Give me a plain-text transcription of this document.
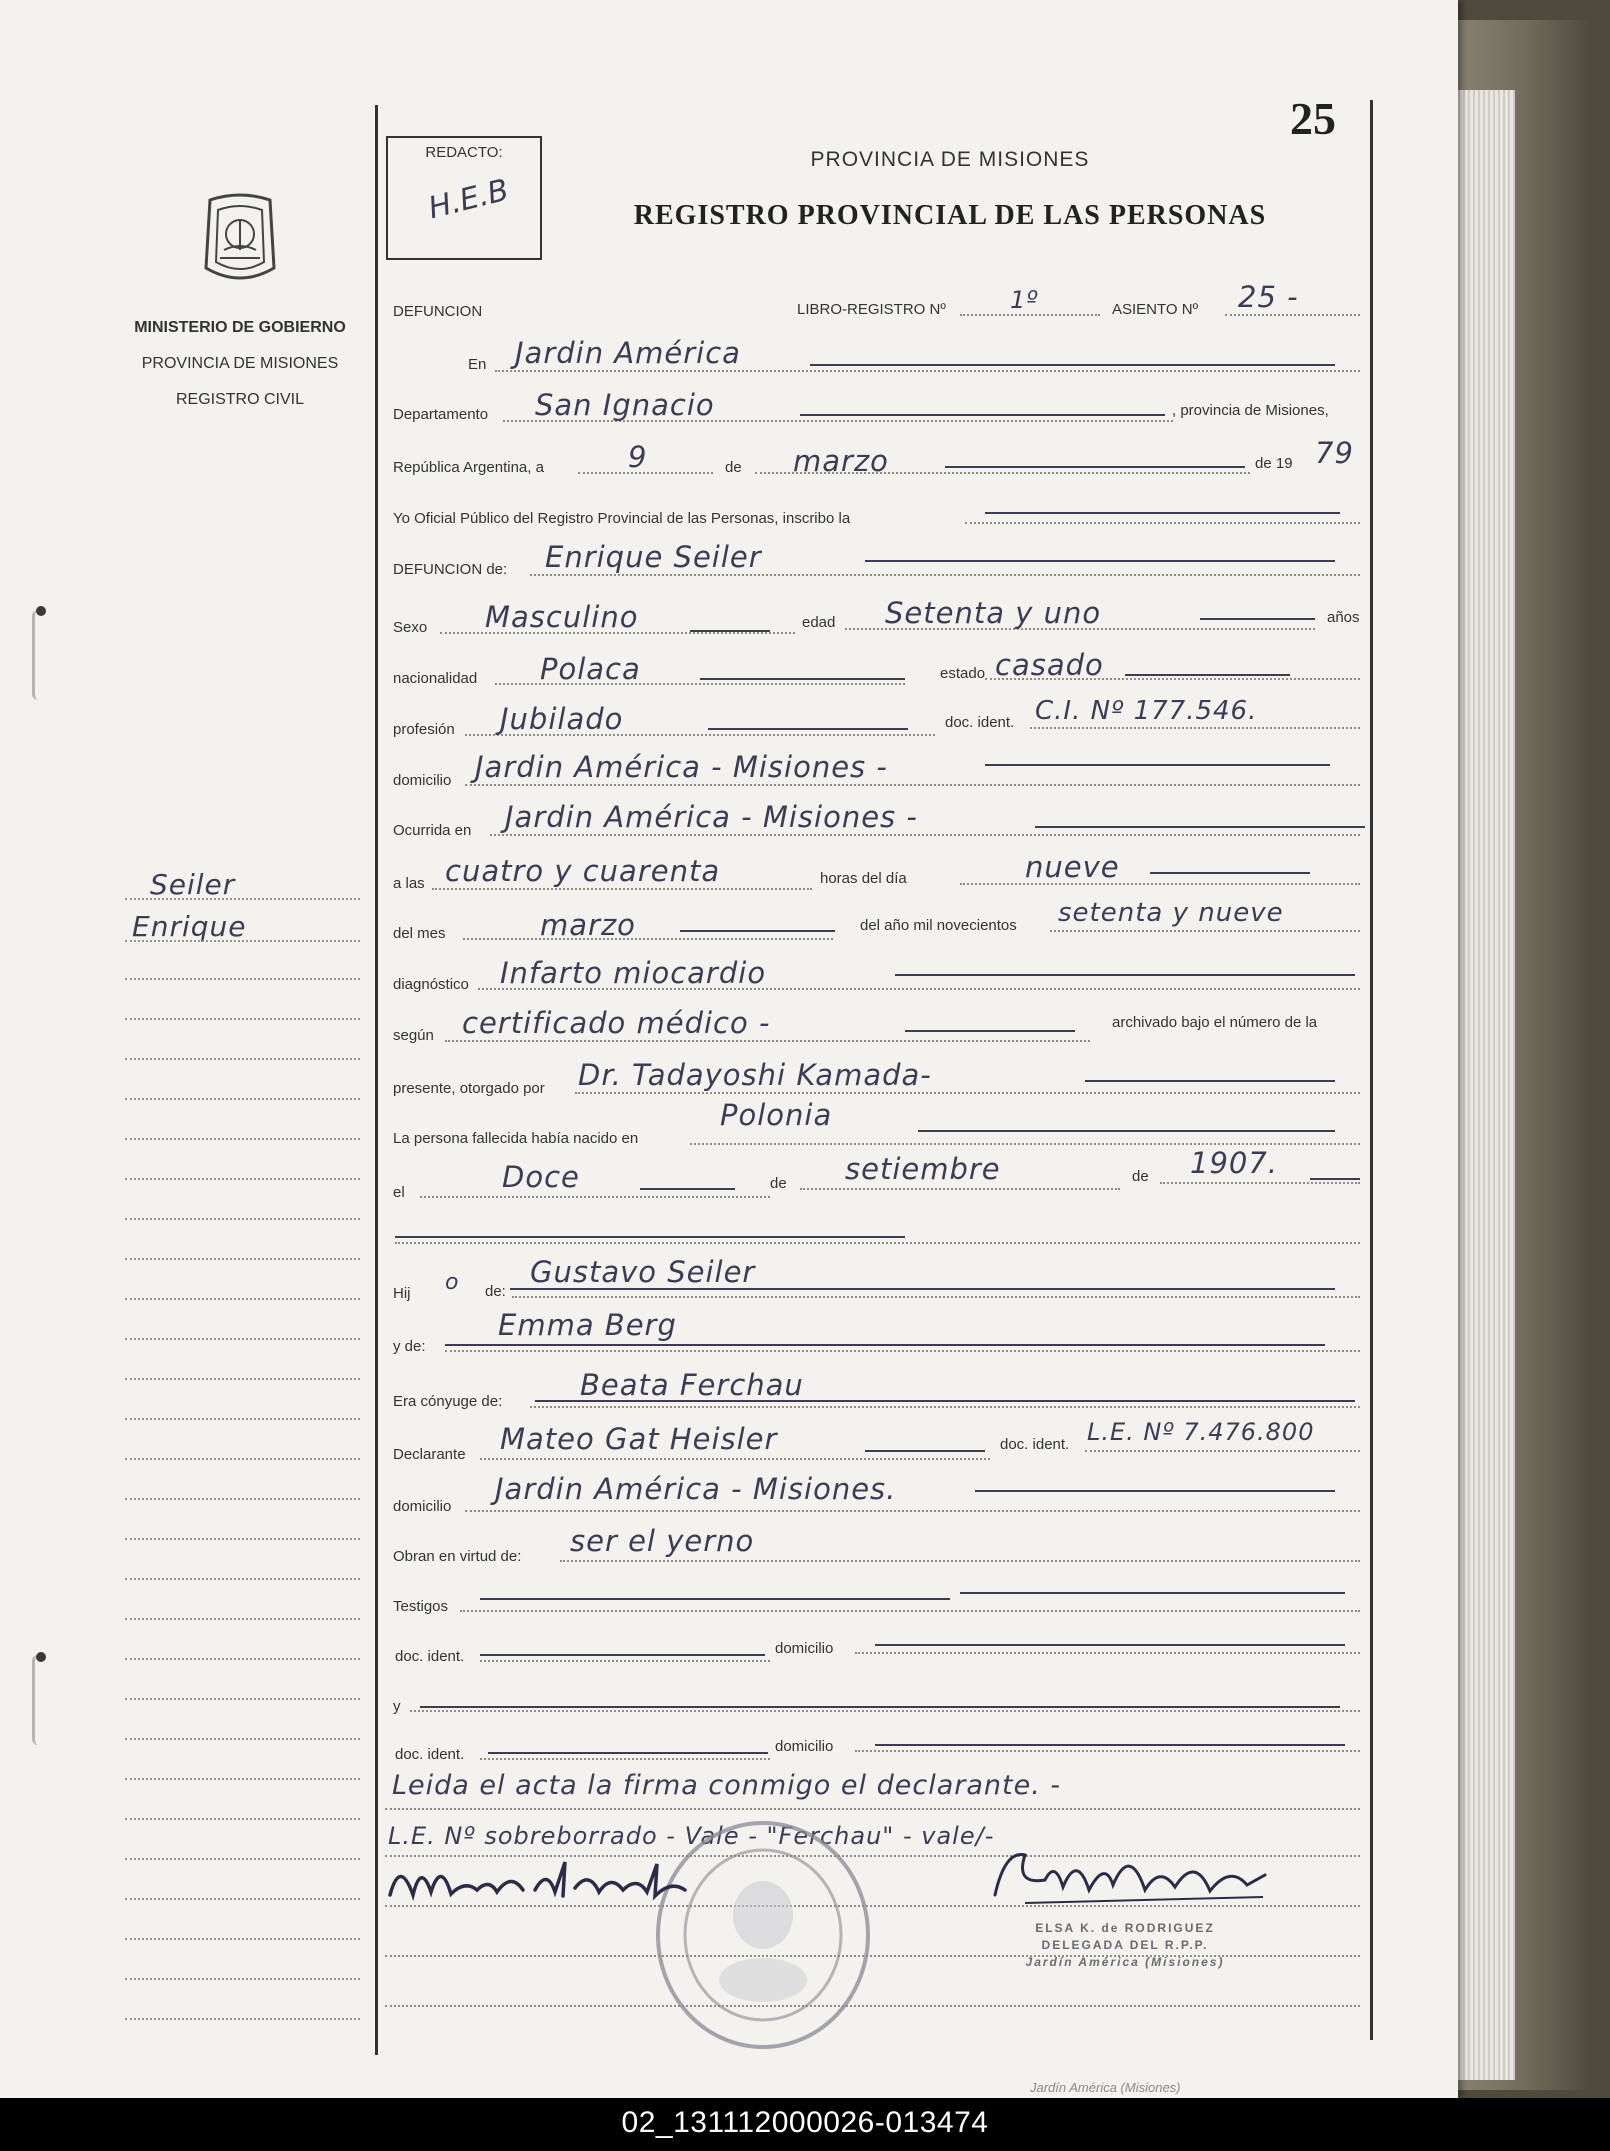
MINISTERIO DE GOBIERNO
PROVINCIA DE MISIONES
REGISTRO CIVIL
Seiler
Enrique
REDACTO:
H.E.B
25
PROVINCIA DE MISIONES
REGISTRO PROVINCIAL DE LAS PERSONAS
DEFUNCION	LIBRO-REGISTRO Nº	1º	ASIENTO Nº 25 -
En Jardin América
Departamento San Ignacio	, provincia de Misiones,
República Argentina, a	9	de marzo	de 19 79
Yo Oficial Público del Registro Provincial de las Personas, inscribo la
DEFUNCION de: Enrique Seiler
Sexo Masculino	edad Setenta y uno	años
nacionalidad Polaca	estado casado
profesión Jubilado	doc. ident. C.I. Nº 177.546.
domicilio Jardin América - Misiones -
Ocurrida en Jardin América - Misiones -
a las cuatro y cuarenta	horas del día	nueve
del mes	marzo	del año mil novecientos setenta y nueve
diagnóstico Infarto miocardio
según certificado médico -	archivado bajo el número de la
presente, otorgado por Dr. Tadayoshi Kamada-
La persona fallecida había nacido en
Polonia
el	Doce	de setiembre	de 1907.
Hij o de:
Gustavo Seiler
y de:
Emma Berg
Era cónyuge de:	Beata Ferchau
Declarante Mateo Gat Heisler	doc. ident. L.E. Nº 7.476.800
domicilio
Jardin América - Misiones.
Obran en virtud de: ser el yerno
Testigos
doc. ident.	domicilio
y
doc. ident.	domicilio
Leida el acta la firma conmigo el declarante. -
L.E. Nº sobreborrado - Vale - "Ferchau" - vale/-
ELSA K. de RODRIGUEZ
DELEGADA DEL R.P.P.
Jardín América (Misiones)
Jardín América (Misiones)
02_131112000026-013474
